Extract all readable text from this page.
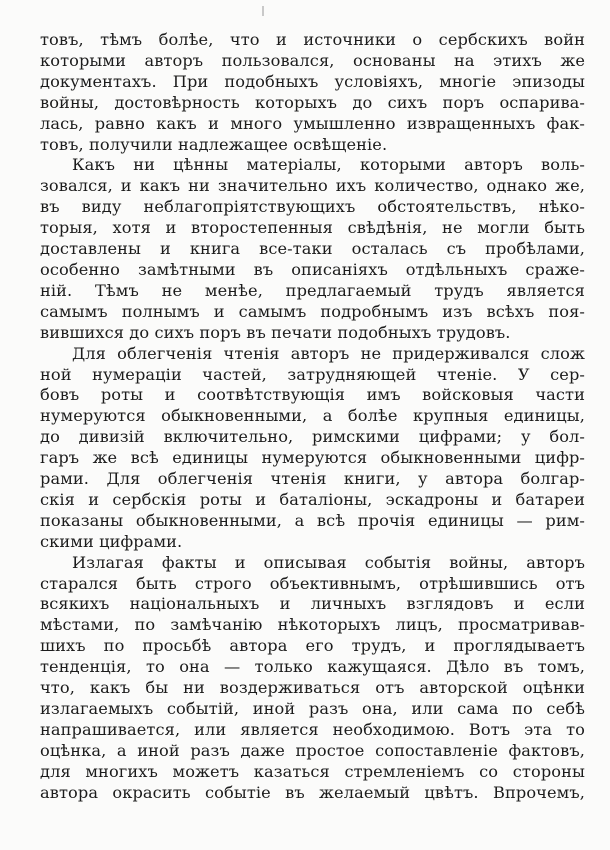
товъ, тѣмъ болѣе, что и источники о сербскихъ войн
которыми авторъ пользовался, основаны на этихъ же
документахъ. При подобныхъ условіяхъ, многіе эпизоды
войны, достовѣрность которыхъ до сихъ поръ оспарива-
лась, равно какъ и много умышленно извращенныхъ фак-
товъ, получили надлежащее освѣщеніе.
Какъ ни цѣнны матеріалы, которыми авторъ воль-
зовался, и какъ ни значительно ихъ количество, однако же,
въ виду неблагопріятствующихъ обстоятельствъ, нѣко-
торыя, хотя и второстепенныя свѣдѣнія, не могли быть
доставлены и книга все-таки осталась съ пробѣлами,
особенно замѣтными въ описаніяхъ отдѣльныхъ сраже-
ній. Тѣмъ не менѣе, предлагаемый трудъ является
самымъ полнымъ и самымъ подробнымъ изъ всѣхъ поя-
вившихся до сихъ поръ въ печати подобныхъ трудовъ.
Для облегченія чтенія авторъ не придерживался слож
ной нумераціи частей, затрудняющей чтеніе. У сер-
бовъ роты и соотвѣтствующія имъ войсковыя части
нумеруются обыкновенными, а болѣе крупныя единицы,
до дивизій включительно, римскими цифрами; у бол-
гаръ же всѣ единицы нумеруются обыкновенными цифр-
рами. Для облегченія чтенія книги, у автора болгар-
скія и сербскія роты и баталіоны, эскадроны и батареи
показаны обыкновенными, а всѣ прочія единицы — рим-
скими цифрами.
Излагая факты и описывая событія войны, авторъ
старался быть строго объективнымъ, отрѣшившись отъ
всякихъ національныхъ и личныхъ взглядовъ и если
мѣстами, по замѣчанію нѣкоторыхъ лицъ, просматривав-
шихъ по просьбѣ автора его трудъ, и проглядываетъ
тенденція, то она — только кажущаяся. Дѣло въ томъ,
что, какъ бы ни воздерживаться отъ авторской оцѣнки
излагаемыхъ событій, иной разъ она, или сама по себѣ
напрашивается, или является необходимою. Вотъ эта то
оцѣнка, а иной разъ даже простое сопоставленіе фактовъ,
для многихъ можетъ казаться стремленіемъ со стороны
автора окрасить событіе въ желаемый цвѣтъ. Впрочемъ,
